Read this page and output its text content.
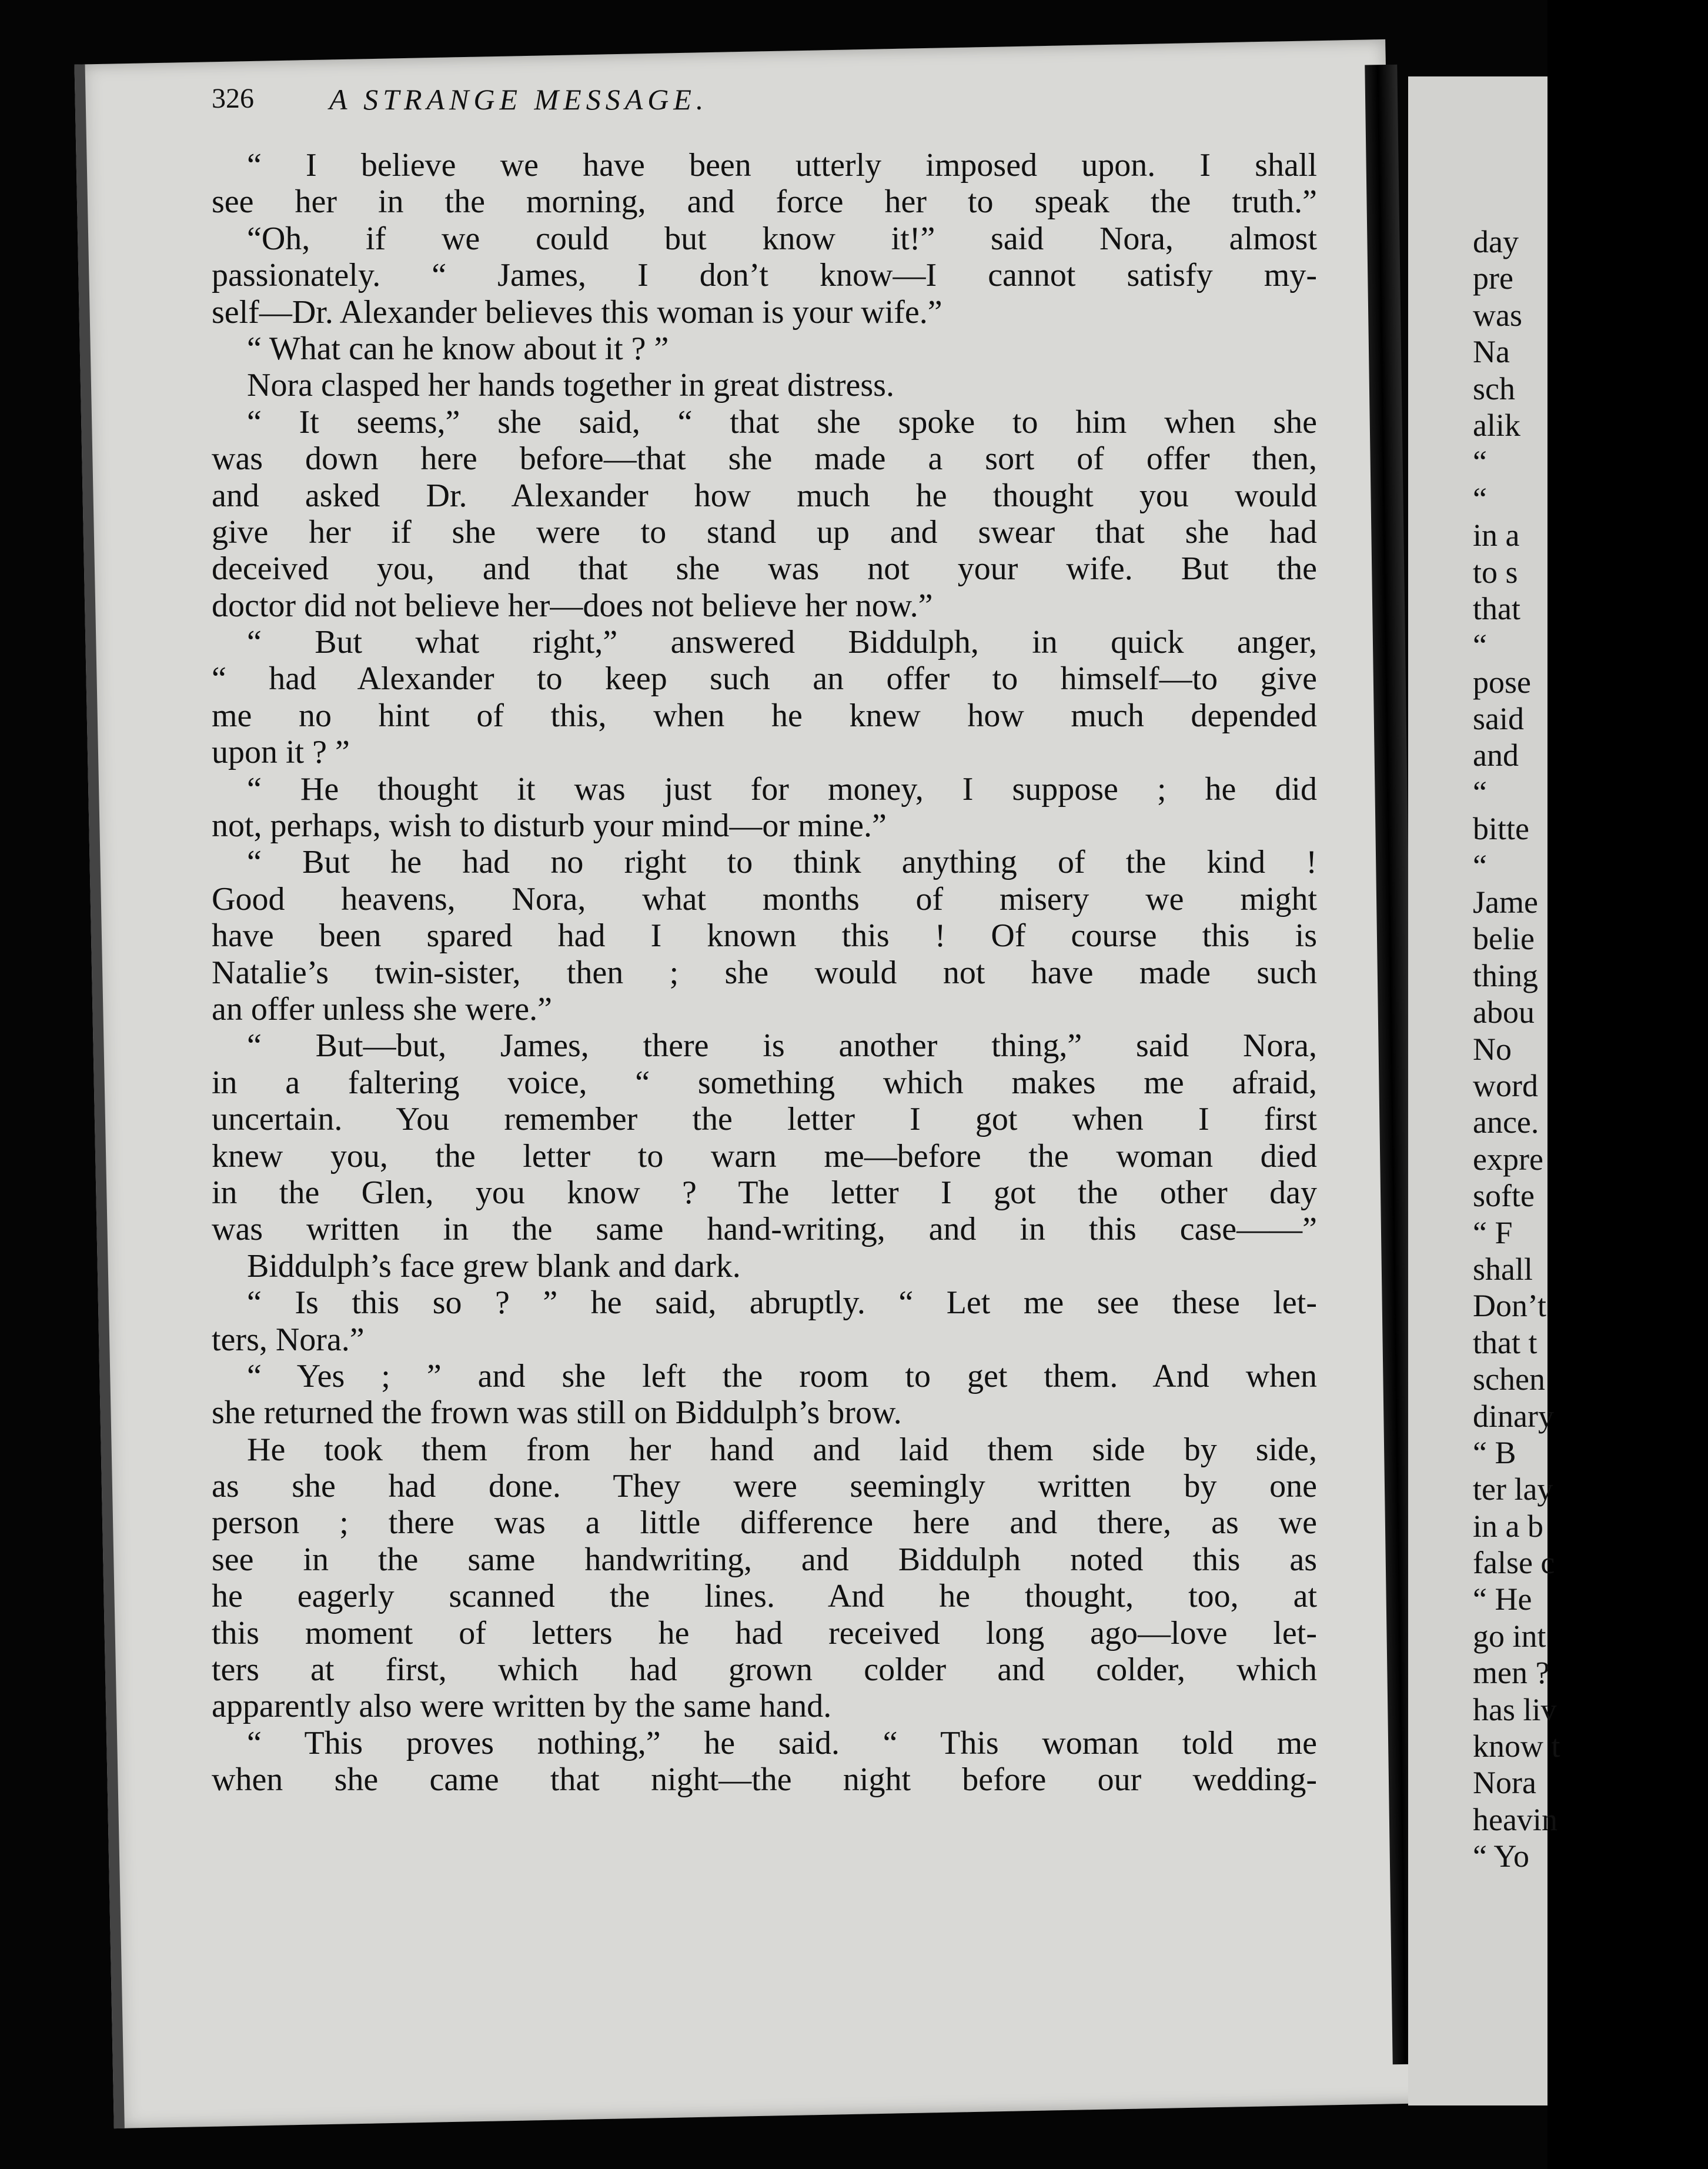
326	A STRANGE MESSAGE.
“ I believe we have been utterly imposed upon. I shall
see her in the morning, and force her to speak the truth.”
“Oh, if we could but know it!” said Nora, almost
passionately. “ James, I don’t know—I cannot satisfy my-
self—Dr. Alexander believes this woman is your wife.”
“ What can he know about it ? ”
Nora clasped her hands together in great distress.
“ It seems,” she said, “ that she spoke to him when she
was down here before—that she made a sort of offer then,
and asked Dr. Alexander how much he thought you would
give her if she were to stand up and swear that she had
deceived you, and that she was not your wife. But the
doctor did not believe her—does not believe her now.”
“ But what right,” answered Biddulph, in quick anger,
“ had Alexander to keep such an offer to himself—to give
me no hint of this, when he knew how much depended
upon it ? ”
“ He thought it was just for money, I suppose ; he did
not, perhaps, wish to disturb your mind—or mine.”
“ But he had no right to think anything of the kind !
Good heavens, Nora, what months of misery we might
have been spared had I known this ! Of course this is
Natalie’s twin-sister, then ; she would not have made such
an offer unless she were.”
“ But—but, James, there is another thing,” said Nora,
in a faltering voice, “ something which makes me afraid,
uncertain. You remember the letter I got when I first
knew you, the letter to warn me—before the woman died
in the Glen, you know ? The letter I got the other day
was written in the same hand-writing, and in this case——”
Biddulph’s face grew blank and dark.
“ Is this so ? ” he said, abruptly. “ Let me see these let-
ters, Nora.”
“ Yes ; ” and she left the room to get them. And when
she returned the frown was still on Biddulph’s brow.
He took them from her hand and laid them side by side,
as she had done. They were seemingly written by one
person ; there was a little difference here and there, as we
see in the same handwriting, and Biddulph noted this as
he eagerly scanned the lines. And he thought, too, at
this moment of letters he had received long ago—love let-
ters at first, which had grown colder and colder, which
apparently also were written by the same hand.
“ This proves nothing,” he said. “ This woman told me
when she came that night—the night before our wedding-
day
pre
was
Na
sch
alik
“
“
in a
to s
that
“
pose
said
and
“
bitte
“
Jame
belie
thing
abou
No
word
ance.
expre
softe
“ F
shall
Don’t
that t
schen
dinary
“ B
ter lay
in a b
false c
“ He
go int
men ?
has liv
know t
Nora
heavin
“ Yo
